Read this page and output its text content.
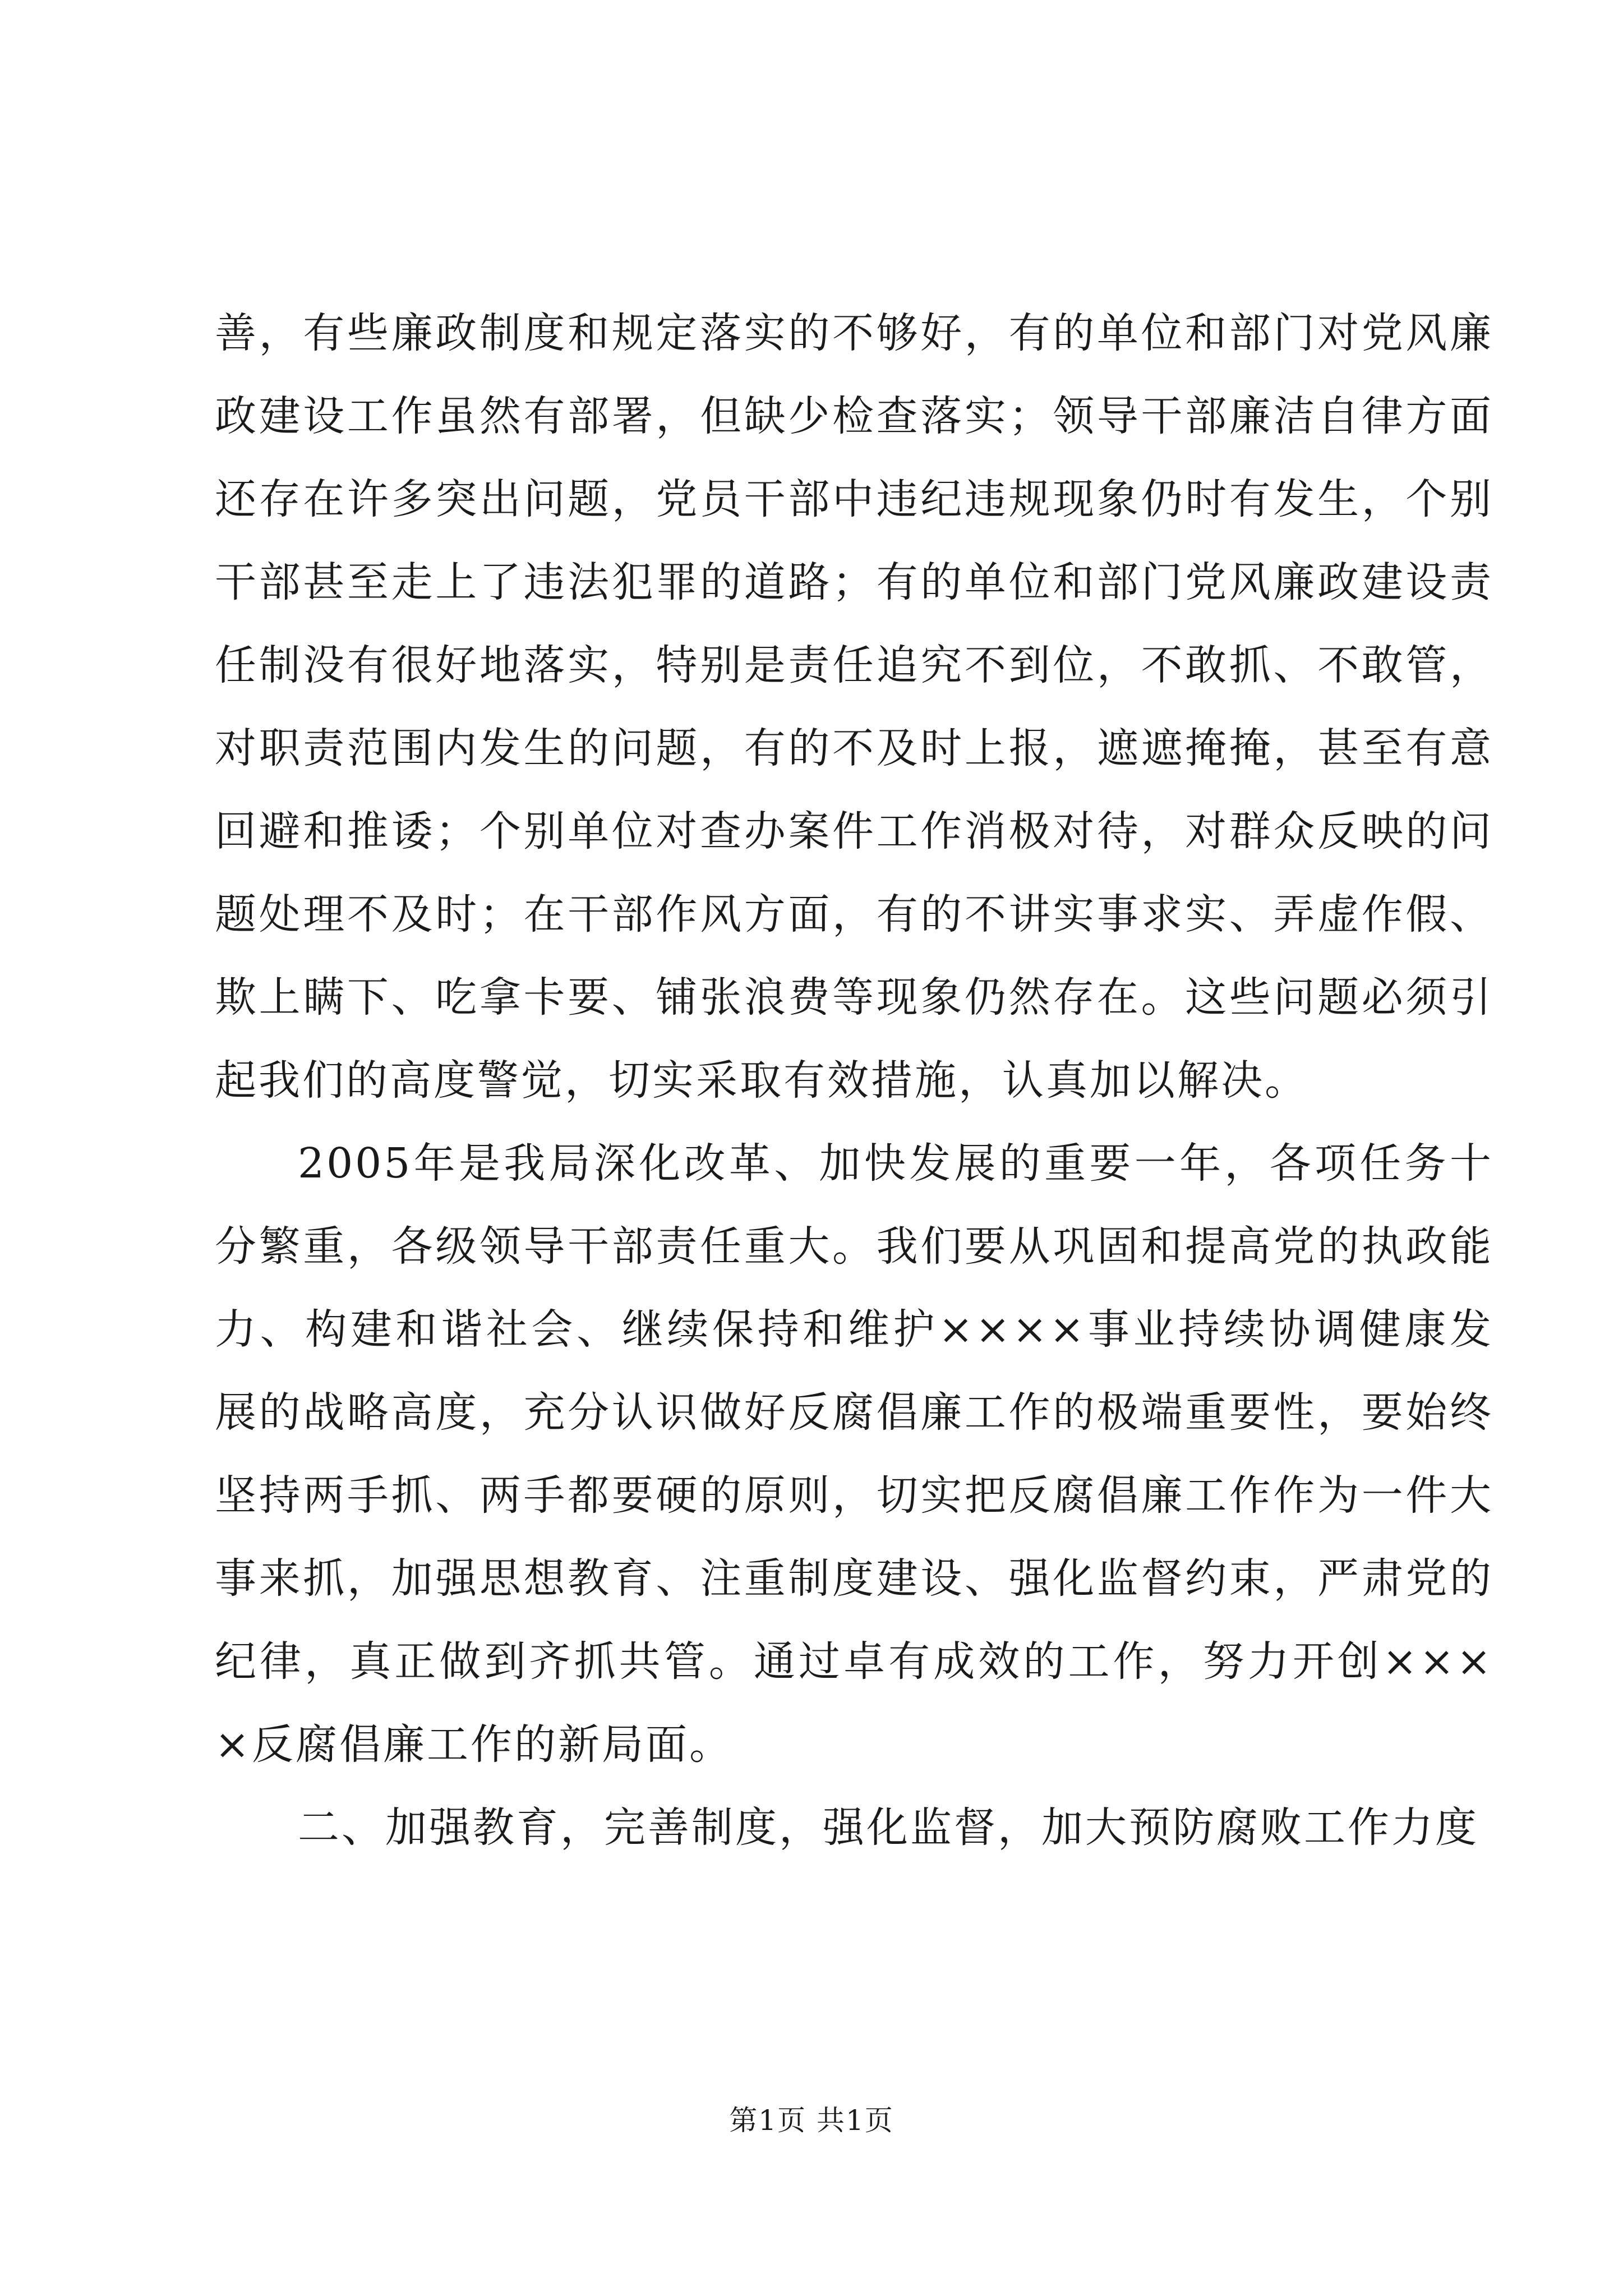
善，有些廉政制度和规定落实的不够好，有的单位和部门对党风廉政建设工作虽然有部署，但缺少检查落实；领导干部廉洁自律方面还存在许多突出问题，党员干部中违纪违规现象仍时有发生，个别干部甚至走上了违法犯罪的道路；有的单位和部门党风廉政建设责任制没有很好地落实，特别是责任追究不到位，不敢抓、不敢管，对职责范围内发生的问题，有的不及时上报，遮遮掩掩，甚至有意回避和推诿；个别单位对查办案件工作消极对待，对群众反映的问题处理不及时；在干部作风方面，有的不讲实事求实、弄虚作假、欺上瞒下、吃拿卡要、铺张浪费等现象仍然存在。这些问题必须引起我们的高度警觉，切实采取有效措施，认真加以解决。

2005年是我局深化改革、加快发展的重要一年，各项任务十分繁重，各级领导干部责任重大。我们要从巩固和提高党的执政能力、构建和谐社会、继续保持和维护××××事业持续协调健康发展的战略高度，充分认识做好反腐倡廉工作的极端重要性，要始终坚持两手抓、两手都要硬的原则，切实把反腐倡廉工作作为一件大事来抓，加强思想教育、注重制度建设、强化监督约束，严肃党的纪律，真正做到齐抓共管。通过卓有成效的工作，努力开创××××反腐倡廉工作的新局面。

二、加强教育，完善制度，强化监督，加大预防腐败工作力度

第1页 共1页
